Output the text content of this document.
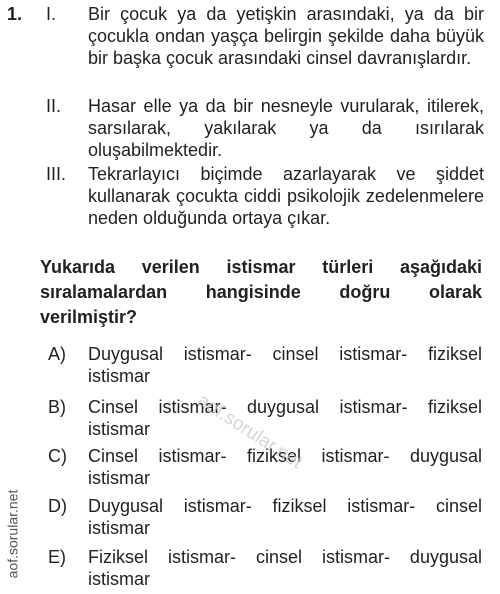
1. I. Bir çocuk ya da yetişkin arasındaki, ya da bir çocukla ondan yaşça belirgin şekilde daha büyük bir başka çocuk arasındaki cinsel davranışlardır.
II. Hasar elle ya da bir nesneyle vurularak, itilerek, sarsılarak, yakılarak ya da ısırılarak oluşabilmektedir.
III. Tekrarlayıcı biçimde azarlayarak ve şiddet kullanarak çocukta ciddi psikolojik zedelenmelere neden olduğunda ortaya çıkar.
Yukarıda verilen istismar türleri aşağıdaki sıralamalardan hangisinde doğru olarak verilmiştir?
A) Duygusal istismar- cinsel istismar- fiziksel istismar
B) Cinsel istismar- duygusal istismar- fiziksel istismar
C) Cinsel istismar- fiziksel istismar- duygusal istismar
D) Duygusal istismar- fiziksel istismar- cinsel istismar
E) Fiziksel istismar- cinsel istismar- duygusal istismar
aof.sorular.net
aof.sorular.net
